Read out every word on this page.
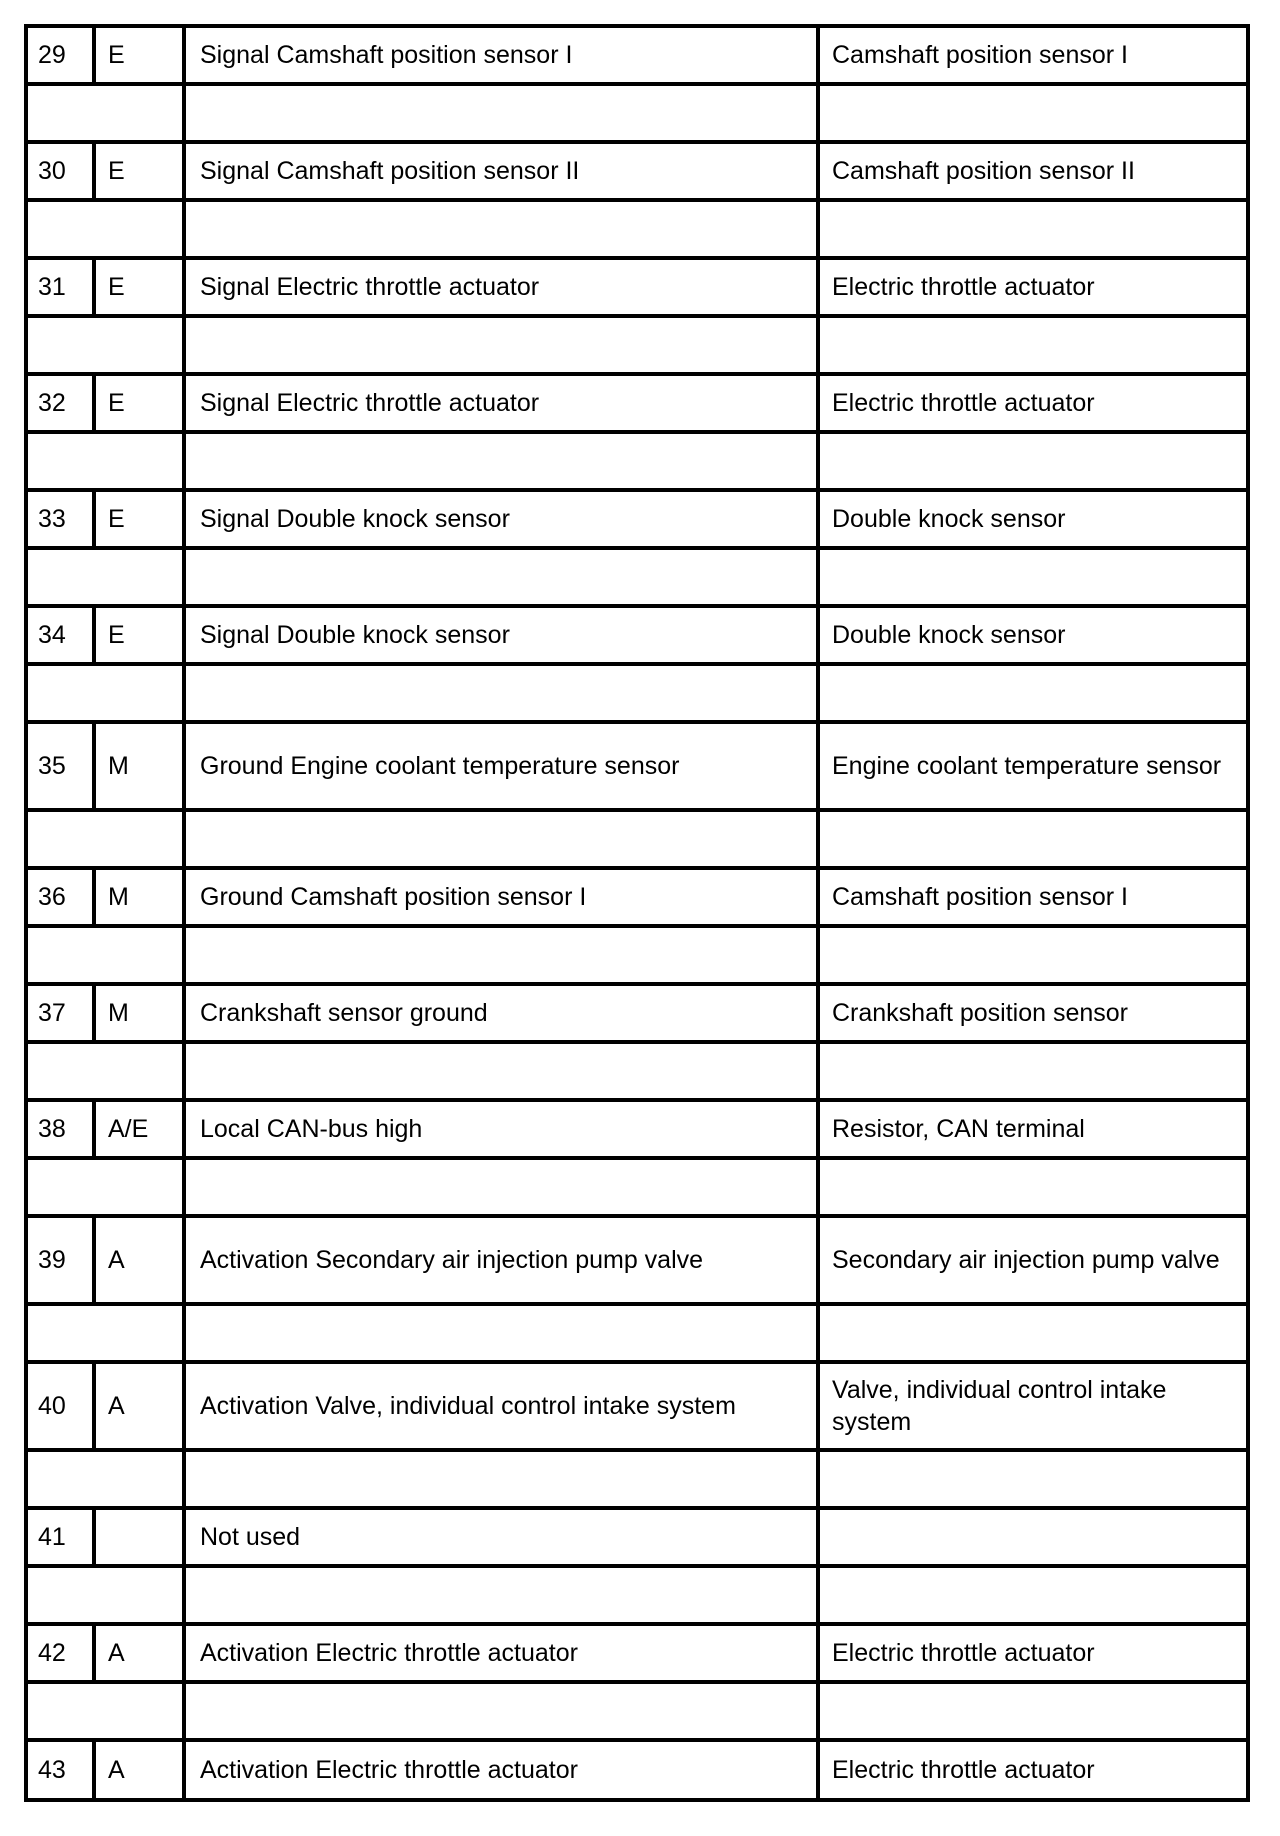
29	E	Signal Camshaft position sensor I	Camshaft position sensor I

30	E	Signal Camshaft position sensor II	Camshaft position sensor II

31	E	Signal Electric throttle actuator	Electric throttle actuator

32	E	Signal Electric throttle actuator	Electric throttle actuator

33	E	Signal Double knock sensor	Double knock sensor

34	E	Signal Double knock sensor	Double knock sensor

35	M	Ground Engine coolant temperature sensor	Engine coolant temperature sensor

36	M	Ground Camshaft position sensor I	Camshaft position sensor I

37	M	Crankshaft sensor ground	Crankshaft position sensor

38	A/E	Local CAN-bus high	Resistor, CAN terminal

39	A	Activation Secondary air injection pump valve	Secondary air injection pump valve

40	A	Activation Valve, individual control intake system	Valve, individual control intake system

41		Not used	

42	A	Activation Electric throttle actuator	Electric throttle actuator

43	A	Activation Electric throttle actuator	Electric throttle actuator
